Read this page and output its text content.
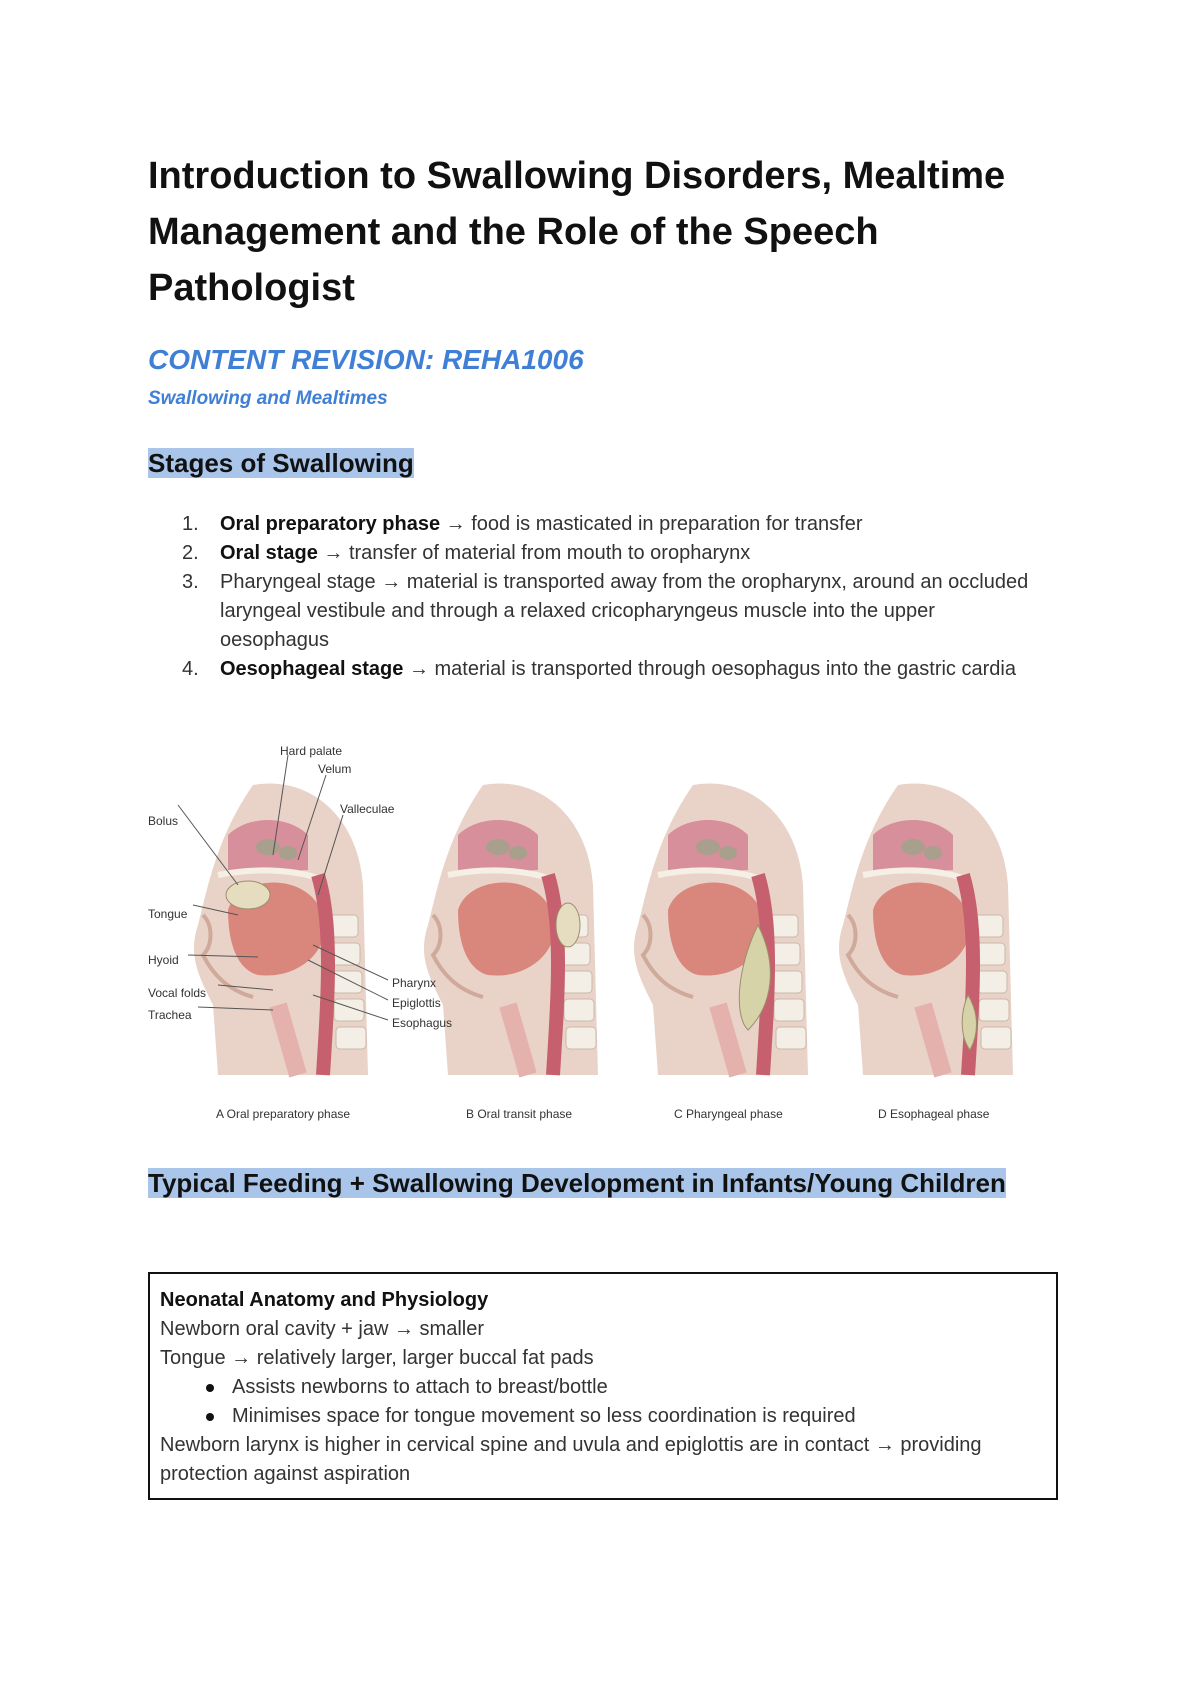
Introduction to Swallowing Disorders, Mealtime Management and the Role of the Speech Pathologist

CONTENT REVISION: REHA1006

Swallowing and Mealtimes

Stages of Swallowing

1. Oral preparatory phase → food is masticated in preparation for transfer
2. Oral stage → transfer of material from mouth to oropharynx
3. Pharyngeal stage → material is transported away from the oropharynx, around an occluded laryngeal vestibule and through a relaxed cricopharyngeus muscle into the upper oesophagus
4. Oesophageal stage → material is transported through oesophagus into the gastric cardia
Hard palate
Velum
Valleculae
Bolus
Tongue
Hyoid
Vocal folds
Trachea
Pharynx
Epiglottis
Esophagus
A Oral preparatory phase	B Oral transit phase	C Pharyngeal phase	D Esophageal phase

Typical Feeding + Swallowing Development in Infants/Young Children

Neonatal Anatomy and Physiology
Newborn oral cavity + jaw → smaller
Tongue → relatively larger, larger buccal fat pads
Assists newborns to attach to breast/bottle
Minimises space for tongue movement so less coordination is required
Newborn larynx is higher in cervical spine and uvula and epiglottis are in contact → providing protection against aspiration
